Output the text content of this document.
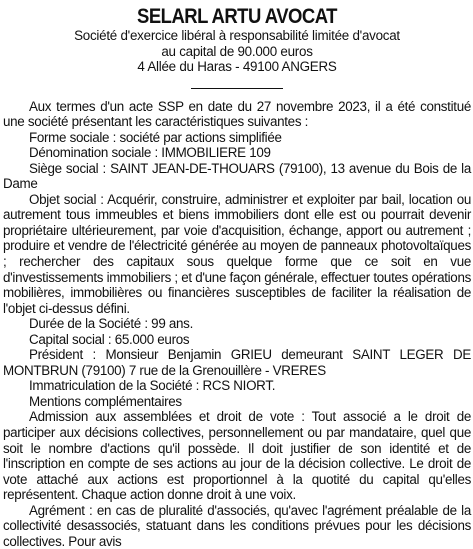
SELARL ARTU AVOCAT

Société d'exercice libéral à responsabilité limitée d'avocat

au capital de 90.000 euros

4 Allée du Haras - 49100 ANGERS

Aux termes d'un acte SSP en date du 27 novembre 2023, il a été constitué une société présentant les caractéristiques suivantes :

Forme sociale : société par actions simplifiée

Dénomination sociale : IMMOBILIERE 109

Siège social : SAINT JEAN-DE-THOUARS (79100), 13 avenue du Bois de la Dame

Objet social : Acquérir, construire, administrer et exploiter par bail, location ou autrement tous immeubles et biens immobiliers dont elle est ou pourrait devenir propriétaire ultérieurement, par voie d'acquisition, échange, apport ou autrement ; produire et vendre de l'électricité générée au moyen de panneaux photovoltaïques ; rechercher des capitaux sous quelque forme que ce soit en vue d'investissements immobiliers ; et d'une façon générale, effectuer toutes opérations mobilières, immobilières ou financières susceptibles de faciliter la réalisation de l'objet ci-dessus défini.

Durée de la Société : 99 ans.

Capital social : 65.000 euros

Président : Monsieur Benjamin GRIEU demeurant SAINT LEGER DE MONTBRUN (79100) 7 rue de la Grenouillère - VRERES

Immatriculation de la Société : RCS NIORT.

Mentions complémentaires

Admission aux assemblées et droit de vote : Tout associé a le droit de participer aux décisions collectives, personnellement ou par mandataire, quel que soit le nombre d'actions qu'il possède. Il doit justifier de son identité et de l'inscription en compte de ses actions au jour de la décision collective. Le droit de vote attaché aux actions est proportionnel à la quotité du capital qu'elles représentent. Chaque action donne droit à une voix.

Agrément : en cas de pluralité d'associés, qu'avec l'agrément préalable de la collectivité desassociés, statuant dans les conditions prévues pour les décisions collectives. Pour avis
